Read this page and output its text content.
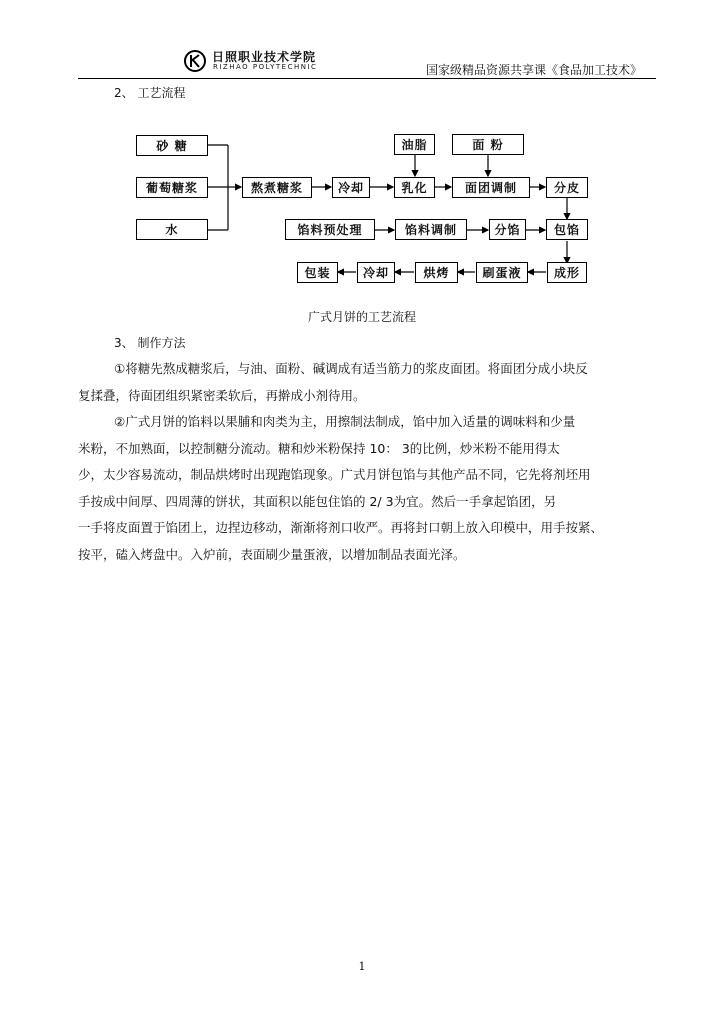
日照职业技术学院
RIZHAO POLYTECHNIC	国家级精品资源共享课《食品加工技术》
2、 工艺流程
砂 糖
葡萄糖浆
水
熬煮糖浆	冷却	乳化
油脂	面 粉
面团调制	分皮
馅料预处理	馅料调制	分馅	包馅
成形
刷蛋液
烘烤
冷却
包装
广式月饼的工艺流程
3、 制作方法
①将糖先熬成糖浆后，与油、面粉、碱调成有适当筋力的浆皮面团。将面团分成小块反
复揉叠，待面团组织紧密柔软后，再擀成小剂待用。
②广式月饼的馅料以果脯和肉类为主，用擦制法制成，馅中加入适量的调味料和少量
米粉，不加熟面，以控制糖分流动。糖和炒米粉保持 10： 3的比例，炒米粉不能用得太
少，太少容易流动，制品烘烤时出现跑馅现象。广式月饼包馅与其他产品不同，它先将剂坯用
手按成中间厚、四周薄的饼状，其面积以能包住馅的 2/ 3为宜。然后一手拿起馅团，另
一手将皮面置于馅团上，边捏边移动，渐渐将剂口收严。再将封口朝上放入印模中，用手按紧、
按平，磕入烤盘中。入炉前，表面刷少量蛋液，以增加制品表面光泽。
1
